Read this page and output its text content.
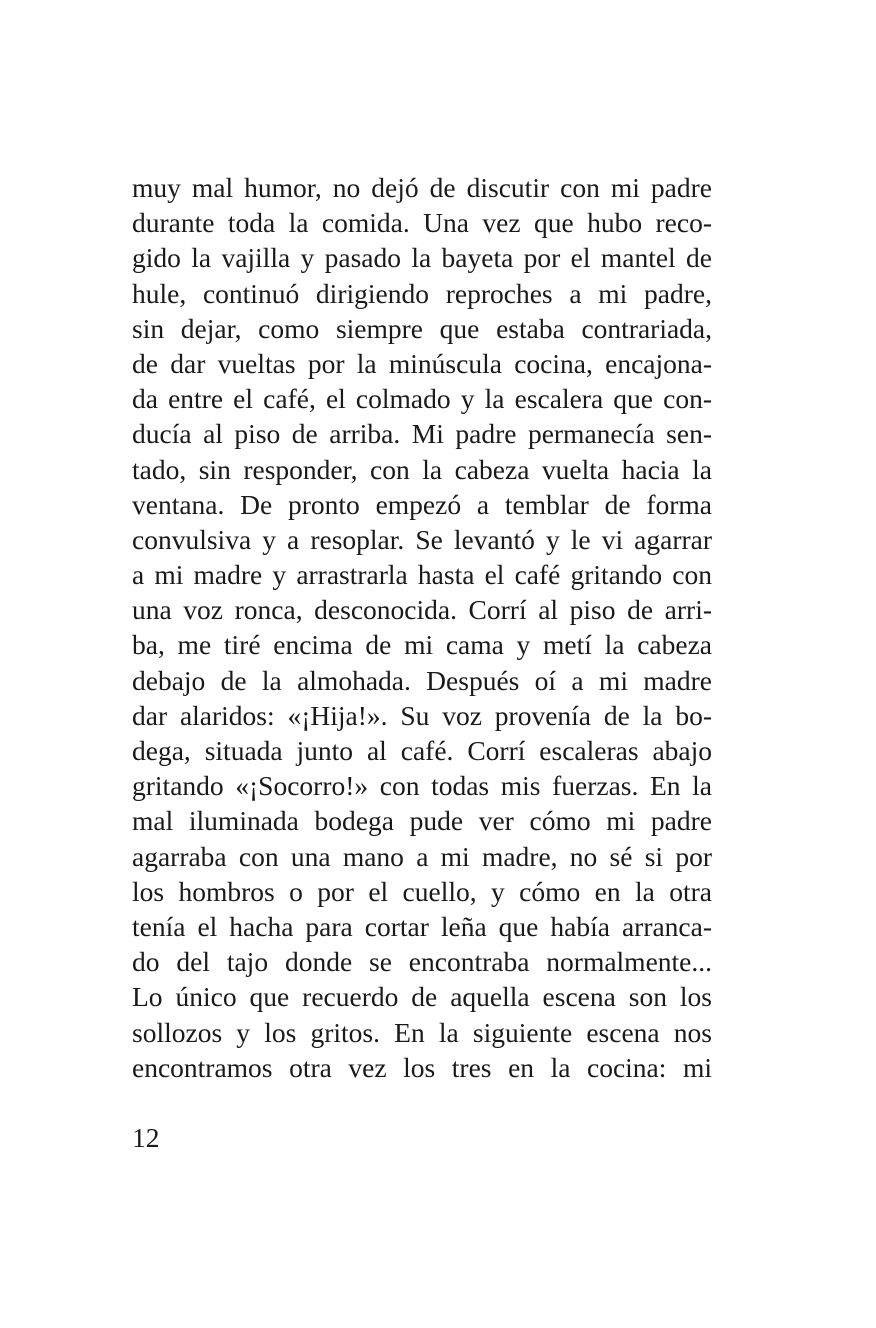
muy mal humor, no dejó de discutir con mi padre
durante toda la comida. Una vez que hubo reco-
gido la vajilla y pasado la bayeta por el mantel de
hule, continuó dirigiendo reproches a mi padre,
sin dejar, como siempre que estaba contrariada,
de dar vueltas por la minúscula cocina, encajona-
da entre el café, el colmado y la escalera que con-
ducía al piso de arriba. Mi padre permanecía sen-
tado, sin responder, con la cabeza vuelta hacia la
ventana. De pronto empezó a temblar de forma
convulsiva y a resoplar. Se levantó y le vi agarrar
a mi madre y arrastrarla hasta el café gritando con
una voz ronca, desconocida. Corrí al piso de arri-
ba, me tiré encima de mi cama y metí la cabeza
debajo de la almohada. Después oí a mi madre
dar alaridos: «¡Hija!». Su voz provenía de la bo-
dega, situada junto al café. Corrí escaleras abajo
gritando «¡Socorro!» con todas mis fuerzas. En la
mal iluminada bodega pude ver cómo mi padre
agarraba con una mano a mi madre, no sé si por
los hombros o por el cuello, y cómo en la otra
tenía el hacha para cortar leña que había arranca-
do del tajo donde se encontraba normalmente...
Lo único que recuerdo de aquella escena son los
sollozos y los gritos. En la siguiente escena nos
encontramos otra vez los tres en la cocina: mi
12
